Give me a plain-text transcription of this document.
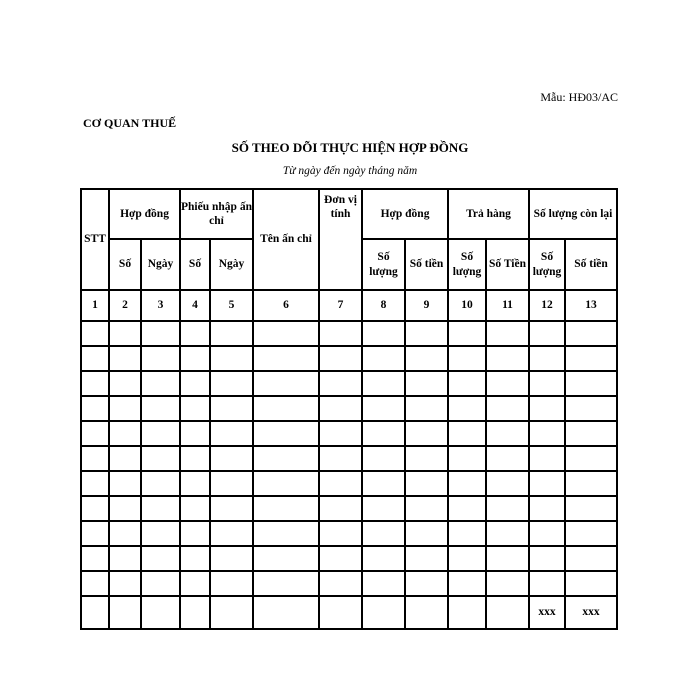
Mẫu: HĐ03/AC
CƠ QUAN THUẾ
SỐ THEO DÕI THỰC HIỆN HỢP ĐỒNG
Từ ngày đến ngày tháng năm
STT	Hợp đồng		Phiếu nhập ấn chỉ		Tên ấn chỉ	Đơn vị tính	Hợp đồng		Trả hàng		Số lượng còn lại	
	Số	Ngày	Số	Ngày			Số lượng	Số tiền	Số lượng	Số Tiền	Số lượng	Số tiền
1	2	3	4	5	6	7	8	9	10	11	12	13

											xxx	xxx
